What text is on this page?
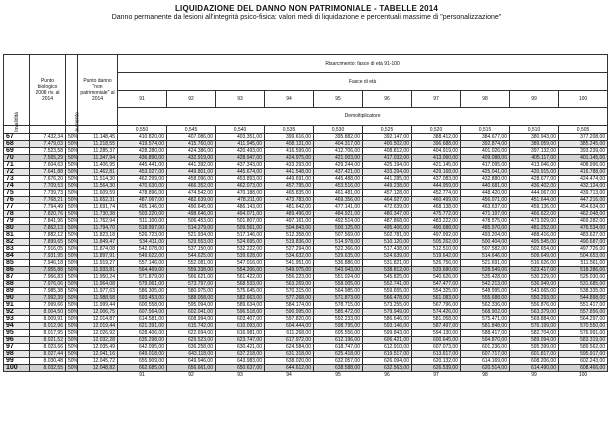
LIQUIDAZIONE DEL DANNO NON PATRIMONIALE - TABELLE 2014
Danno permanente da lesioni all'integrità psico-fisica: valori medi di liquidazione e percentuali massime di "personalizzazione"
Invalidità	Punto biologico 2008 riv. al 2014	aumento	Punto danno "non patrimoniale" al 2014	Risarcimento: fasce di età 91-100									
				Fasce di età									
				91	92	93	94	95	96	97	98	99	100
				Demoltiplicatore									
				0,550	0,545	0,540	0,535	0,530	0,525	0,520	0,515	0,510	0,505
67	7.432,34	50%	11.148,45	410.820,00	407.086,00	403.351,00	399.616,00	395.882,00	392.147,00	388.412,00	384.677,00	380.943,00	377.208,00
68	7.479,03	50%	11.218,55	419.574,00	415.760,00	411.945,00	408.131,00	404.317,00	400.502,00	396.688,00	392.874,00	389.059,00	385.245,00
69	7.523,58	50%	11.285,37	428.280,00	424.386,00	420.493,00	416.599,00	412.706,00	408.812,00	404.919,00	401.026,00	397.132,00	393.239,00
70	7.565,29	50%	11.347,94	436.890,00	432.919,00	428.947,00	424.975,00	421.003,00	417.032,00	413.060,00	409.088,00	405.117,00	401.145,00
71	7.604,63	50%	11.406,95	445.441,00	441.392,00	437.343,00	433.293,00	429.244,00	425.194,00	421.145,00	417.095,00	413.046,00	408.996,00
72	7.641,88	50%	11.462,81	453.927,00	449.801,00	445.674,00	441.548,00	437.421,00	433.294,00	429.168,00	425.041,00	420.915,00	416.788,00
73	7.676,20	50%	11.514,30	462.299,00	458.096,00	453.893,00	449.691,00	445.488,00	441.285,00	437.083,00	432.880,00	428.677,00	424.474,00
74	7.709,53	50%	11.564,30	470.630,00	466.352,00	462.073,00	457.795,00	453.516,00	449.238,00	444.959,00	440.681,00	436.402,00	432.124,00
75	7.739,73	50%	11.609,59	478.896,00	474.542,00	470.188,00	465.835,00	461.481,00	457.128,00	452.774,00	448.420,00	444.067,00	439.713,00
76	7.768,21	50%	11.652,31	487.067,00	482.639,00	478.211,00	473.783,00	469.356,00	464.927,00	460.499,00	456.071,00	451.644,00	447.216,00
77	7.794,49	50%	11.691,74	495.146,00	490.645,00	486.143,00	481.642,00	477.141,00	472.639,00	468.138,00	463.637,00	459.136,00	454.634,00
78	7.820,76	50%	11.730,38	503.220,00	498.646,00	494.071,00	489.496,00	484.921,00	480.347,00	475.772,00	471.197,00	466.622,00	462.048,00
79	7.841,96	50%	11.762,94	511.100,00	506.453,00	501.807,00	497.161,00	492.514,00	487.868,00	483.222,00	478.575,00	473.929,00	469.282,00
80	7.862,13	50%	11.794,70	518.997,00	514.279,00	509.561,00	504.843,00	500.125,00	495.406,00	490.688,00	485.970,00	481.252,00	476.534,00
81	7.882,12	50%	11.823,18	526.723,00	521.934,00	517.146,00	512.358,00	507.569,00	502.781,00	497.992,00	493.204,00	488.416,00	483.627,00
82	7.899,65	50%	11.849,47	534.411,00	529.553,00	524.695,00	519.836,00	514.978,00	510.120,00	505.262,00	500.404,00	495.545,00	490.687,00
83	7.916,05	50%	11.874,08	542.078,00	537.150,00	532.222,00	527.294,00	522.366,00	517.438,00	512.510,00	507.582,00	502.654,00	497.726,00
84	7.931,95	50%	11.897,91	549.622,00	544.625,00	539.628,00	534.632,00	529.635,00	524.639,00	519.642,00	514.646,00	509.649,00	504.653,00
85	7.946,18	50%	11.919,27	557.146,00	552.081,00	547.016,00	541.951,00	536.886,00	531.821,00	526.756,00	521.691,00	516.626,00	511.561,00
86	7.955,88	50%	11.933,81	564.469,00	559.338,00	554.206,00	549.075,00	543.943,00	538.812,00	533.680,00	528.549,00	523.417,00	518.286,00
87	7.966,83	50%	11.950,24	571.879,00	566.621,00	561.422,00	556.223,00	551.024,00	545.825,00	540.626,00	535.428,00	530.229,00	525.030,00
88	7.976,06	50%	11.964,08	579.061,00	573.797,00	568.533,00	563.269,00	558.005,00	552.741,00	547.477,00	542.213,00	536.949,00	531.685,00
89	7.985,38	50%	11.977,63	586.305,00	580.975,00	575.645,00	570.315,00	564.985,00	559.655,00	554.325,00	548.995,00	543.665,00	538.335,00
90	7.992,39	50%	11.988,58	593.453,00	588.058,00	582.663,00	577.268,00	571.873,00	566.478,00	561.083,00	555.688,00	550.293,00	544.898,00
91	7.999,66	50%	11.999,44	600.558,00	595.094,00	589.634,00	584.174,00	578.715,00	573.255,00	567.796,00	562.336,00	556.876,00	551.417,00
92	8.004,50	50%	12.006,75	607.564,00	602.041,00	596.518,00	590.995,00	585.472,00	579.949,00	574.426,00	568.902,00	563.379,00	557.856,00
93	8.009,91	50%	12.014,87	614.581,00	608.994,00	603.407,00	597.820,00	592.233,00	586.646,00	581.058,00	575.471,00	569.884,00	564.297,00
94	8.012,96	50%	12.019,44	621.391,00	615.742,00	610.093,00	604.444,00	598.795,00	593.146,00	587.497,00	581.848,00	576.199,00	570.550,00
95	8.017,95	50%	12.026,92	628.406,00	622.694,00	616.981,00	611.268,00	605.556,00	599.843,00	594.130,00	588.417,00	582.704,00	576.991,00
96	8.021,52	50%	12.032,28	635.298,00	629.523,00	623.747,00	617.972,00	612.196,00	606.421,00	600.645,00	594.870,00	589.094,00	583.319,00
97	8.023,66	50%	12.035,49	642.095,00	636.258,00	630.421,00	624.584,00	618.747,00	612.910,00	607.073,00	601.236,00	595.399,00	589.562,00
98	8.027,44	50%	12.041,16	649.018,00	643.118,00	637.218,00	631.318,00	625.418,00	619.517,00	613.617,00	607.717,00	601.817,00	595.917,00
99	8.030,48	50%	12.045,72	655.909,00	649.946,00	643.983,00	638.020,00	632.057,00	626.094,00	620.132,00	614.169,00	608.206,00	602.243,00
100	8.032,55	50%	12.048,82	662.685,00	656.661,00	650.637,00	644.612,00	638.588,00	632.563,00	626.539,00	620.514,00	614.490,00	608.466,00
				91	92	93	94	95	96	97	98	99	100
